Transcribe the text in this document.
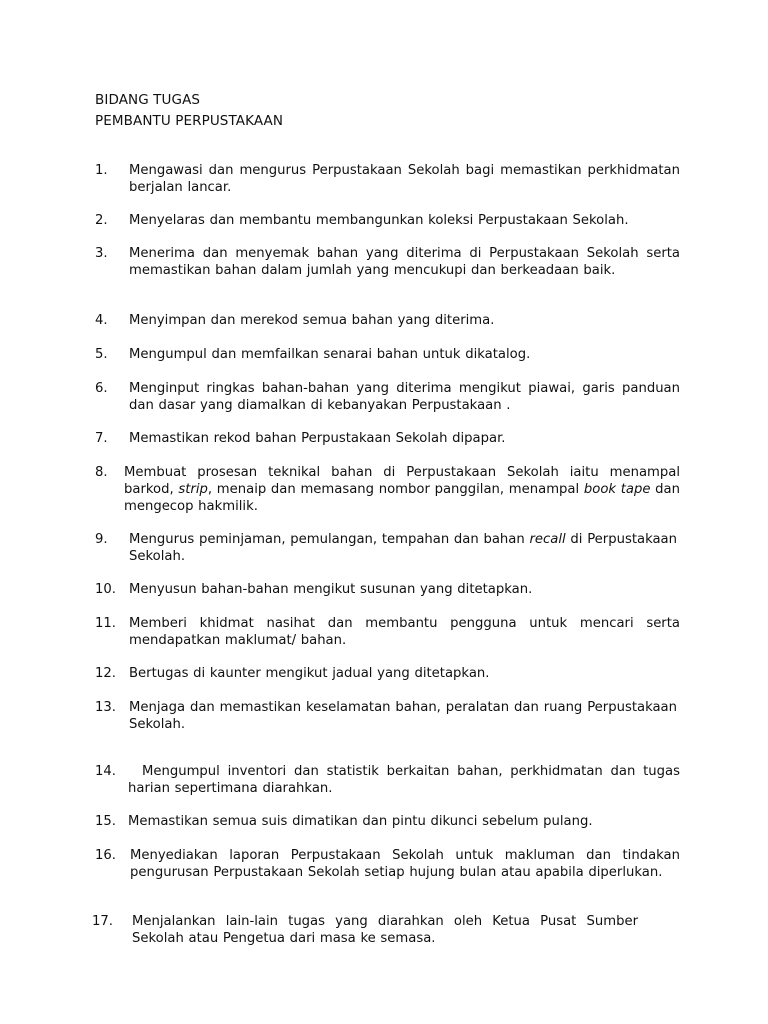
BIDANG TUGAS
PEMBANTU PERPUSTAKAAN
1. Mengawasi dan mengurus Perpustakaan Sekolah bagi memastikan perkhidmatan berjalan lancar.
2. Menyelaras dan membantu membangunkan koleksi Perpustakaan Sekolah.
3. Menerima dan menyemak bahan yang diterima di Perpustakaan Sekolah serta memastikan bahan dalam jumlah yang mencukupi dan berkeadaan baik.
4. Menyimpan dan merekod semua bahan yang diterima.
5. Mengumpul dan memfailkan senarai bahan untuk dikatalog.
6. Menginput ringkas bahan-bahan yang diterima mengikut piawai, garis panduan dan dasar yang diamalkan di kebanyakan Perpustakaan .
7. Memastikan rekod bahan Perpustakaan Sekolah dipapar.
8. Membuat prosesan teknikal bahan di Perpustakaan Sekolah iaitu menampal barkod, strip, menaip dan memasang nombor panggilan, menampal book tape dan mengecop hakmilik.
9. Mengurus peminjaman, pemulangan, tempahan dan bahan recall di Perpustakaan Sekolah.
10. Menyusun bahan-bahan mengikut susunan yang ditetapkan.
11. Memberi khidmat nasihat dan membantu pengguna untuk mencari serta mendapatkan maklumat/ bahan.
12. Bertugas di kaunter mengikut jadual yang ditetapkan.
13. Menjaga dan memastikan keselamatan bahan, peralatan dan ruang Perpustakaan Sekolah.
14.	Mengumpul inventori dan statistik berkaitan bahan, perkhidmatan dan tugas harian sepertimana diarahkan.
15. Memastikan semua suis dimatikan dan pintu dikunci sebelum pulang.
16. Menyediakan laporan Perpustakaan Sekolah untuk makluman dan tindakan pengurusan Perpustakaan Sekolah setiap hujung bulan atau apabila diperlukan.
17. Menjalankan lain-lain tugas yang diarahkan oleh Ketua Pusat Sumber Sekolah atau Pengetua dari masa ke semasa.
